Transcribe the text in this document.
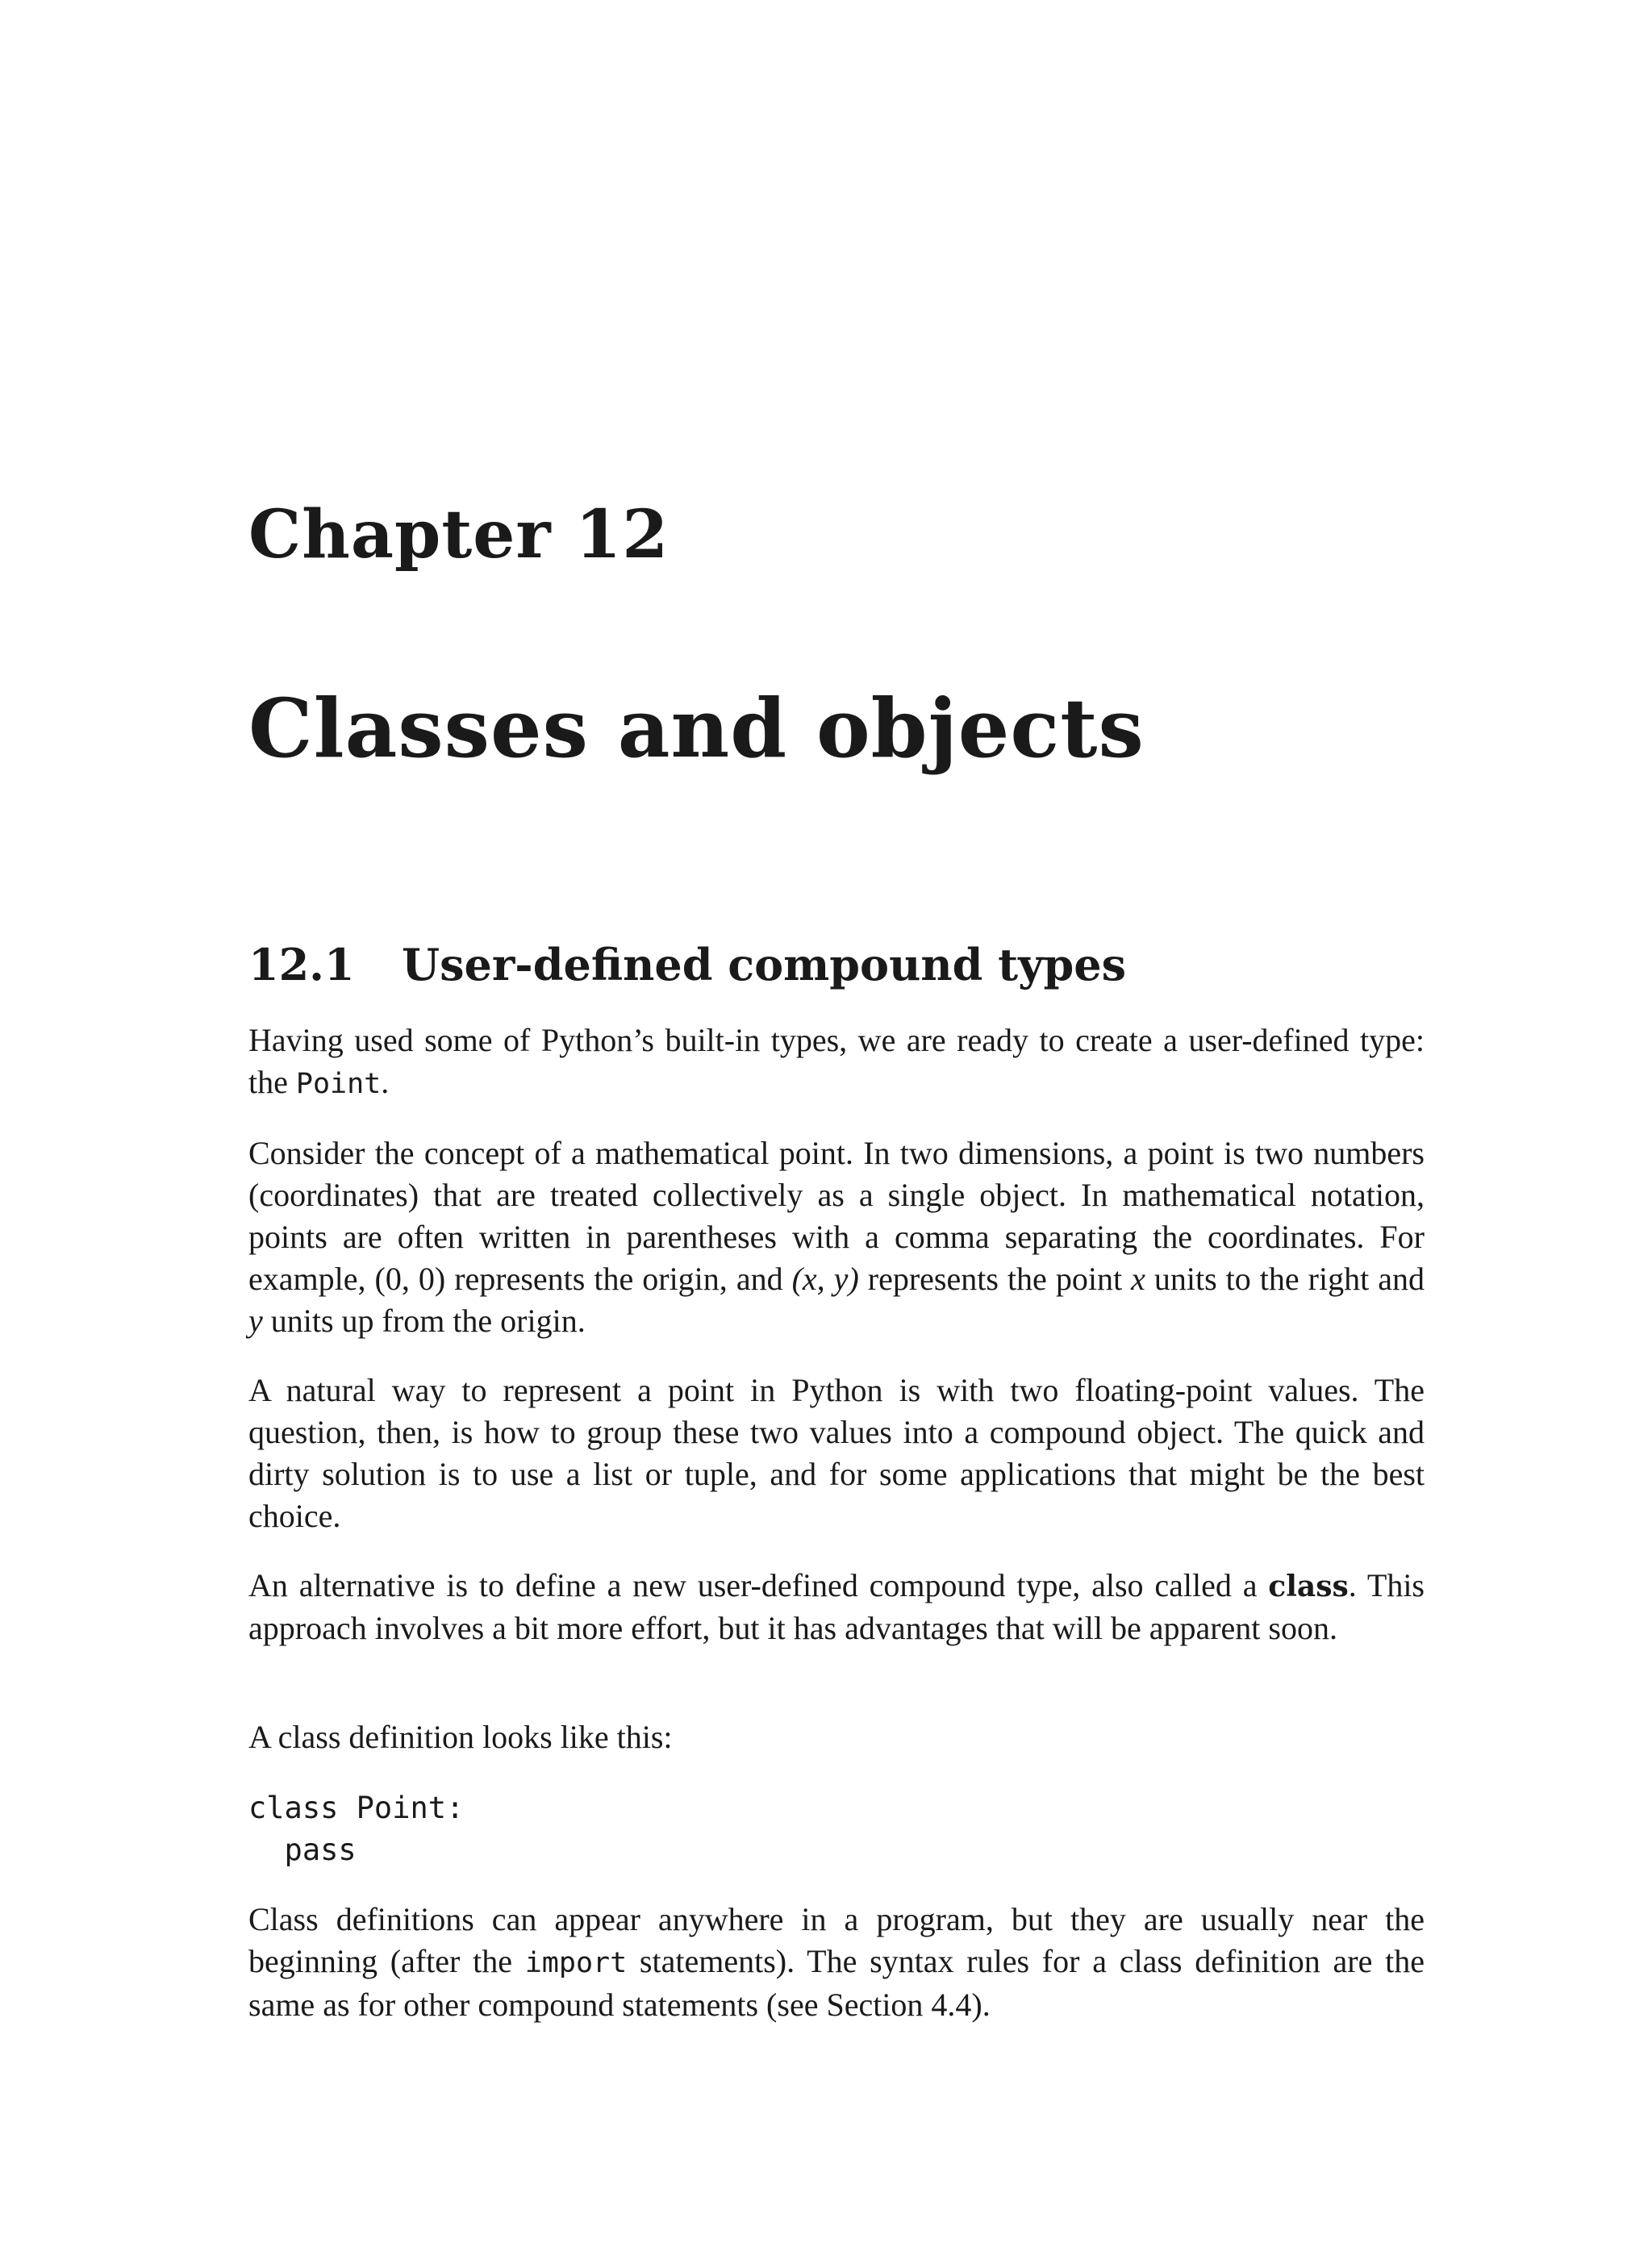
Chapter 12
Classes and objects
12.1 User-defined compound types

Having used some of Python’s built-in types, we are ready to create a user-defined type: the Point.

Consider the concept of a mathematical point. In two dimensions, a point is two numbers (coordinates) that are treated collectively as a single object. In mathematical notation, points are often written in parentheses with a comma separating the coordinates. For example, (0, 0) represents the origin, and (x, y) represents the point x units to the right and y units up from the origin.

A natural way to represent a point in Python is with two floating-point values. The question, then, is how to group these two values into a compound object. The quick and dirty solution is to use a list or tuple, and for some applications that might be the best choice.

An alternative is to define a new user-defined compound type, also called a class. This approach involves a bit more effort, but it has advantages that will be apparent soon.

A class definition looks like this:

class Point:
pass

Class definitions can appear anywhere in a program, but they are usually near the beginning (after the import statements). The syntax rules for a class definition are the same as for other compound statements (see Section 4.4).
